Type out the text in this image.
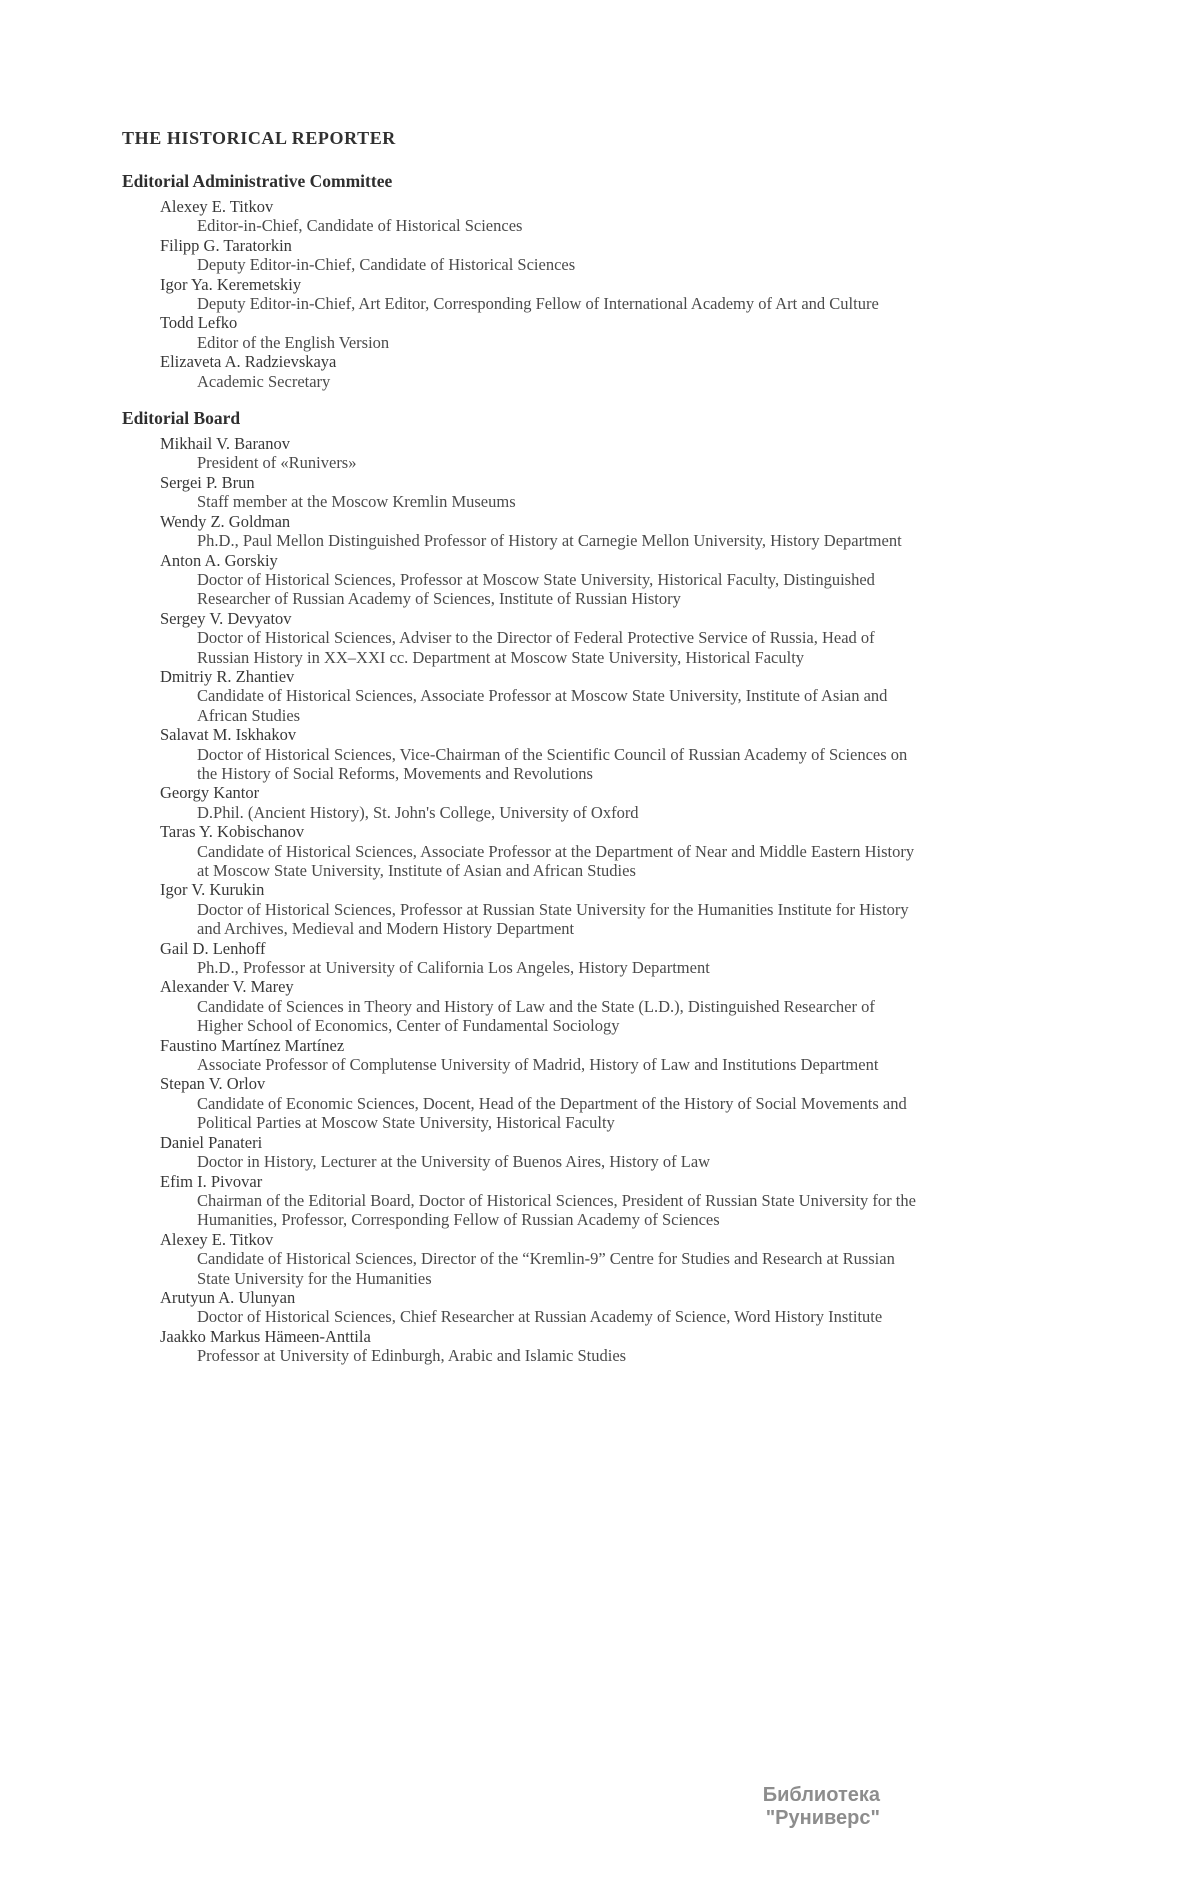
THE HISTORICAL REPORTER
Editorial Administrative Committee
Alexey E. Titkov
Editor-in-Chief, Candidate of Historical Sciences
Filipp G. Taratorkin
Deputy Editor-in-Chief, Candidate of Historical Sciences
Igor Ya. Keremetskiy
Deputy Editor-in-Chief, Art Editor, Corresponding Fellow of International Academy of Art and Culture
Todd Lefko
Editor of the English Version
Elizaveta A. Radzievskaya
Academic Secretary
Editorial Board
Mikhail V. Baranov
President of «Runivers»
Sergei P. Brun
Staff member at the Moscow Kremlin Museums
Wendy Z. Goldman
Ph.D., Paul Mellon Distinguished Professor of History at Carnegie Mellon University, History Department
Anton A. Gorskiy
Doctor of Historical Sciences, Professor at Moscow State University, Historical Faculty, Distinguished Researcher of Russian Academy of Sciences, Institute of Russian History
Sergey V. Devyatov
Doctor of Historical Sciences, Adviser to the Director of Federal Protective Service of Russia, Head of Russian History in XX–XXI cc. Department at Moscow State University, Historical Faculty
Dmitriy R. Zhantiev
Candidate of Historical Sciences, Associate Professor at Moscow State University, Institute of Asian and African Studies
Salavat M. Iskhakov
Doctor of Historical Sciences, Vice-Chairman of the Scientific Council of Russian Academy of Sciences on the History of Social Reforms, Movements and Revolutions
Georgy Kantor
D.Phil. (Ancient History), St. John's College, University of Oxford
Taras Y. Kobischanov
Candidate of Historical Sciences, Associate Professor at the Department of Near and Middle Eastern History at Moscow State University, Institute of Asian and African Studies
Igor V. Kurukin
Doctor of Historical Sciences, Professor at Russian State University for the Humanities Institute for History and Archives, Medieval and Modern History Department
Gail D. Lenhoff
Ph.D., Professor at University of California Los Angeles, History Department
Alexander V. Marey
Candidate of Sciences in Theory and History of Law and the State (L.D.), Distinguished Researcher of Higher School of Economics, Center of Fundamental Sociology
Faustino Martínez Martínez
Associate Professor of Complutense University of Madrid, History of Law and Institutions Department
Stepan V. Orlov
Candidate of Economic Sciences, Docent, Head of the Department of the History of Social Movements and Political Parties at Moscow State University, Historical Faculty
Daniel Panateri
Doctor in History, Lecturer at the University of Buenos Aires, History of Law
Efim I. Pivovar
Chairman of the Editorial Board, Doctor of Historical Sciences, President of Russian State University for the Humanities, Professor, Corresponding Fellow of Russian Academy of Sciences
Alexey E. Titkov
Candidate of Historical Sciences, Director of the “Kremlin-9” Centre for Studies and Research at Russian State University for the Humanities
Arutyun A. Ulunyan
Doctor of Historical Sciences, Chief Researcher at Russian Academy of Science, Word History Institute
Jaakko Markus Hämeen-Anttila
Professor at University of Edinburgh, Arabic and Islamic Studies
Библиотека "Руниверс"
